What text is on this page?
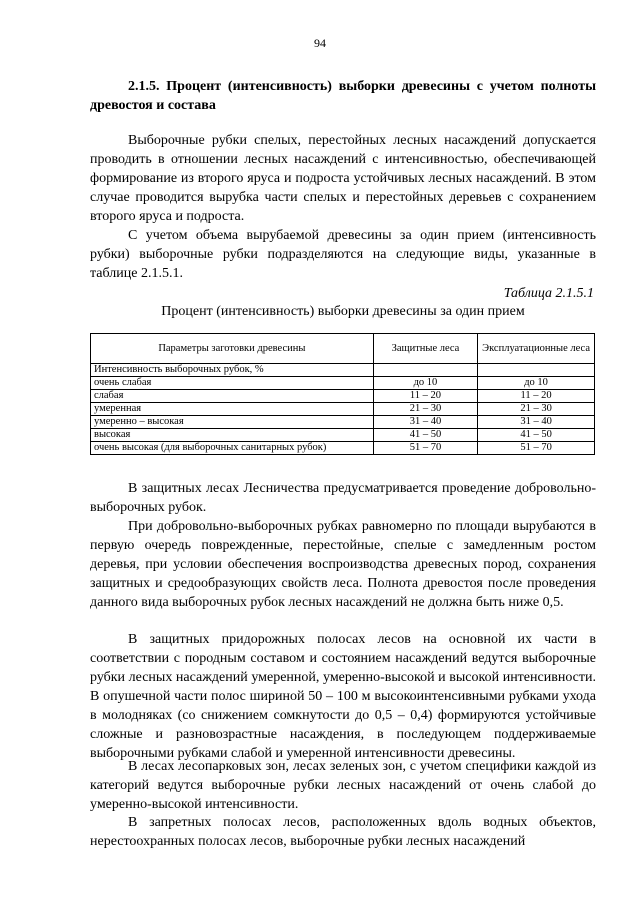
94
2.1.5. Процент (интенсивность) выборки древесины с учетом полноты древостоя и состава

Выборочные рубки спелых, перестойных лесных насаждений допускается проводить в отношении лесных насаждений с интенсивностью, обеспечивающей формирование из второго яруса и подроста устойчивых лесных насаждений. В этом случае проводится вырубка части спелых и перестойных деревьев с сохранением второго яруса и подроста.

С учетом объема вырубаемой древесины за один прием (интенсивность рубки) выборочные рубки подразделяются на следующие виды, указанные в таблице 2.1.5.1.

Таблица 2.1.5.1
Процент (интенсивность) выборки древесины за один прием
Параметры заготовки древесины	Защитные леса	Эксплуатационные леса
Интенсивность выборочных рубок, %		
очень слабая	до 10	до 10
слабая	11 – 20	11 – 20
умеренная	21 – 30	21 – 30
умеренно – высокая	31 – 40	31 – 40
высокая	41 – 50	41 – 50
очень высокая (для выборочных санитарных рубок)	51 – 70	51 – 70

В защитных лесах Лесничества предусматривается проведение добровольно-выборочных рубок.

При добровольно-выборочных рубках равномерно по площади вырубаются в первую очередь поврежденные, перестойные, спелые с замедленным ростом деревья, при условии обеспечения воспроизводства древесных пород, сохранения защитных и средообразующих свойств леса. Полнота древостоя после проведения данного вида выборочных рубок лесных насаждений не должна быть ниже 0,5.

В защитных придорожных полосах лесов на основной их части в соответствии с породным составом и состоянием насаждений ведутся выборочные рубки лесных насаждений умеренной, умеренно-высокой и высокой интенсивности. В опушечной части полос шириной 50 – 100 м высокоинтенсивными рубками ухода в молодняках (со снижением сомкнутости до 0,5 – 0,4) формируются устойчивые сложные и разновозрастные насаждения, в последующем поддерживаемые выборочными рубками слабой и умеренной интенсивности древесины.

В лесах лесопарковых зон, лесах зеленых зон, с учетом специфики каждой из категорий ведутся выборочные рубки лесных насаждений от очень слабой до умеренно-высокой интенсивности.

В запретных полосах лесов, расположенных вдоль водных объектов, нерестоохранных полосах лесов, выборочные рубки лесных насаждений
